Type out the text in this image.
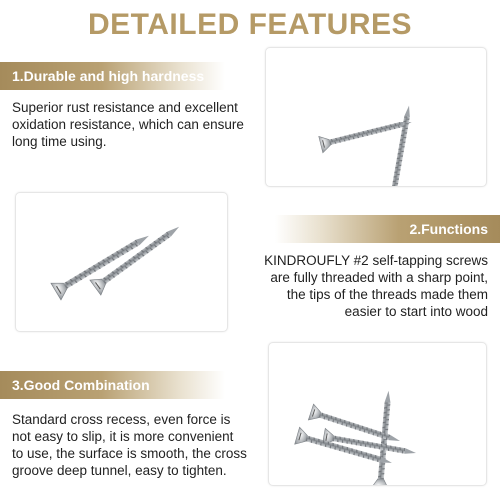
DETAILED FEATURES
1.Durable and high hardness
Superior rust resistance and excellent oxidation resistance, which can ensure long time using.
2.Functions
KINDROUFLY #2 self-tapping screws are fully threaded with a sharp point, the tips of the threads made them easier to start into wood
3.Good Combination
Standard cross recess, even force is not easy to slip, it is more convenient to use, the surface is smooth, the cross groove deep tunnel, easy to tighten.
